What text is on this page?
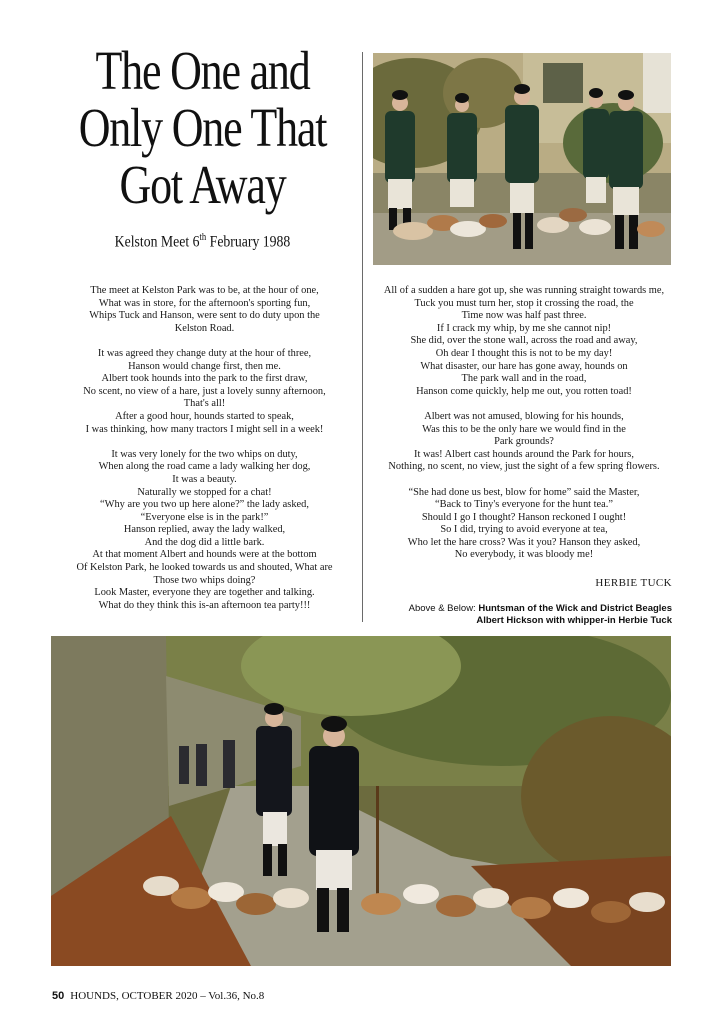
The One and
Only One That
Got Away
Kelston Meet 6th February 1988
The meet at Kelston Park was to be, at the hour of one,
What was in store, for the afternoon's sporting fun,
Whips Tuck and Hanson, were sent to do duty upon the
Kelston Road.
It was agreed they change duty at the hour of three,
Hanson would change first, then me.
Albert took hounds into the park to the first draw,
No scent, no view of a hare, just a lovely sunny afternoon,
That's all!
After a good hour, hounds started to speak,
I was thinking, how many tractors I might sell in a week!
It was very lonely for the two whips on duty,
When along the road came a lady walking her dog,
It was a beauty.
Naturally we stopped for a chat!
“Why are you two up here alone?” the lady asked,
“Everyone else is in the park!”
Hanson replied, away the lady walked,
And the dog did a little bark.
At that moment Albert and hounds were at the bottom
Of Kelston Park, he looked towards us and shouted, What are
Those two whips doing?
Look Master, everyone they are together and talking.
What do they think this is-an afternoon tea party!!!
All of a sudden a hare got up, she was running straight towards me,
Tuck you must turn her, stop it crossing the road, the
Time now was half past three.
If I crack my whip, by me she cannot nip!
She did, over the stone wall, across the road and away,
Oh dear I thought this is not to be my day!
What disaster, our hare has gone away, hounds on
The park wall and in the road,
Hanson come quickly, help me out, you rotten toad!
Albert was not amused, blowing for his hounds,
Was this to be the only hare we would find in the
Park grounds?
It was! Albert cast hounds around the Park for hours,
Nothing, no scent, no view, just the sight of a few spring flowers.
“She had done us best, blow for home” said the Master,
“Back to Tiny's everyone for the hunt tea.”
Should I go I thought? Hanson reckoned I ought!
So I did, trying to avoid everyone at tea,
Who let the hare cross? Was it you? Hanson they asked,
No everybody, it was bloody me!
HERBIE TUCK
Above & Below: Huntsman of the Wick and District Beagles
Albert Hickson with whipper-in Herbie Tuck
50 HOUNDS, OCTOBER 2020 – Vol.36, No.8
